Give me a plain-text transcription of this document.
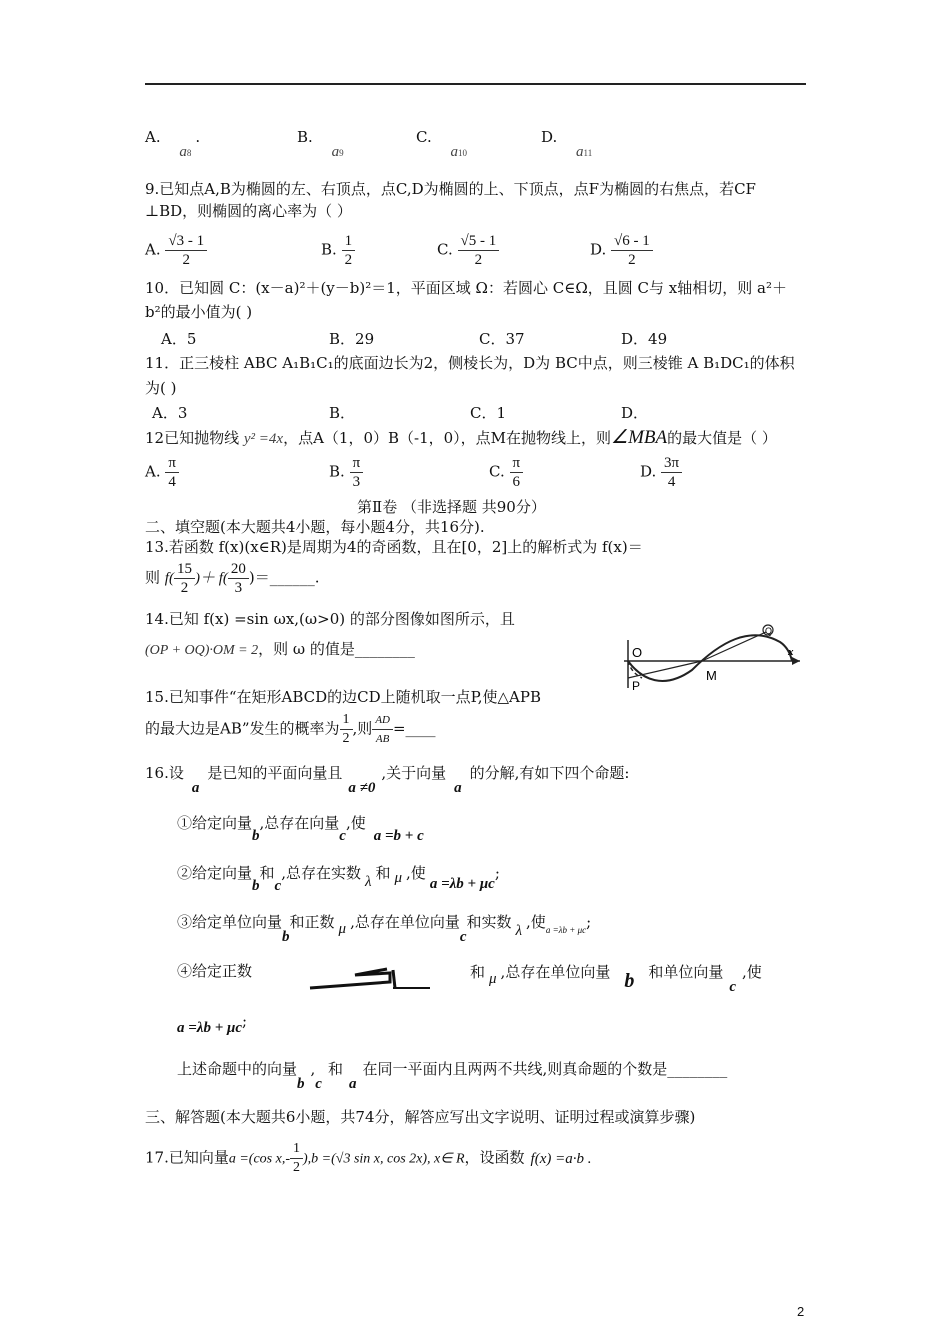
A. a8.	B. a9
C. a10
D. a11
9.已知点A,B为椭圆的左、右顶点，点C,D为椭圆的上、下顶点，点F为椭圆的右焦点，若CF
⊥BD，则椭圆的离心率为（ ）
A. $\frac{√3 - 1}{2}$	B. $\frac{1}{2}$	C. $\frac{√5 - 1}{2}$	D. $\frac{√6 - 1}{2}$
10．已知圆 C：(x－a)²＋(y－b)²＝1，平面区域 Ω：若圆心 C∈Ω，且圆 C与 x轴相切，则 a²＋
b²的最小值为( )
A．5	B．29	C．37	D．49
11．正三棱柱 ABC A₁B₁C₁的底面边长为2，侧棱长为，D为 BC中点，则三棱锥 A B₁DC₁的体积
为( )
A．3	B．	C．1	D．
12已知抛物线 y² =4x，点A（1，0）B（-1，0），点M在抛物线上，则∠MBA的最大值是（ ）
A. $\frac{\pi}{4}$	B. $\frac{\pi}{3}$	C. $\frac{\pi}{6}$	D. $\frac{3\pi}{4}$
第Ⅱ卷 （非选择题 共90分）
二、填空题(本大题共4小题，每小题4分，共16分).
13.若函数 f(x)(x∈R)是周期为4的奇函数，且在[0，2]上的解析式为 f(x)＝
则 $f( \frac{15}{2}$ )＋ $f( \frac{20}{3}$ )＝______.
14.已知 f(x) =sin ωx,(ω>0) 的部分图像如图所示，且
(OP + OQ)·OM = 2，则 ω 的值是________	O
P
M
Q
x
15.已知事件“在矩形ABCD的边CD上随机取一点P,使△APB
的最大边是AB”发生的概率为 $\frac{1}{2}$ ,则 $\frac{AD}{AB}$ =____
16.设a是已知的平面向量且a ≠0,关于向量a的分解,有如下四个命题:
①给定向量b,总存在向量c,使a =b + c
②给定向量b和c,总存在实数 λ 和 μ ,使a =λb + μc;
③给定单位向量b和正数 μ ,总存在单位向量c和实数 λ ,使$_{a =\lambda b + \mu c}$;
④给定正数	和 μ ,总存在单位向量 b 和单位向量c,使
a =λb + μc;
上述命题中的向量b,c和a在同一平面内且两两不共线,则真命题的个数是________
三、解答题(本大题共6小题，共74分，解答应写出文字说明、证明过程或演算步骤)
17.已知向量a =(cos $x,- \frac{1}{2} ),b =(√3$ sin x, cos 2x), x∈ R，设函数 f(x) =a·b .
2
